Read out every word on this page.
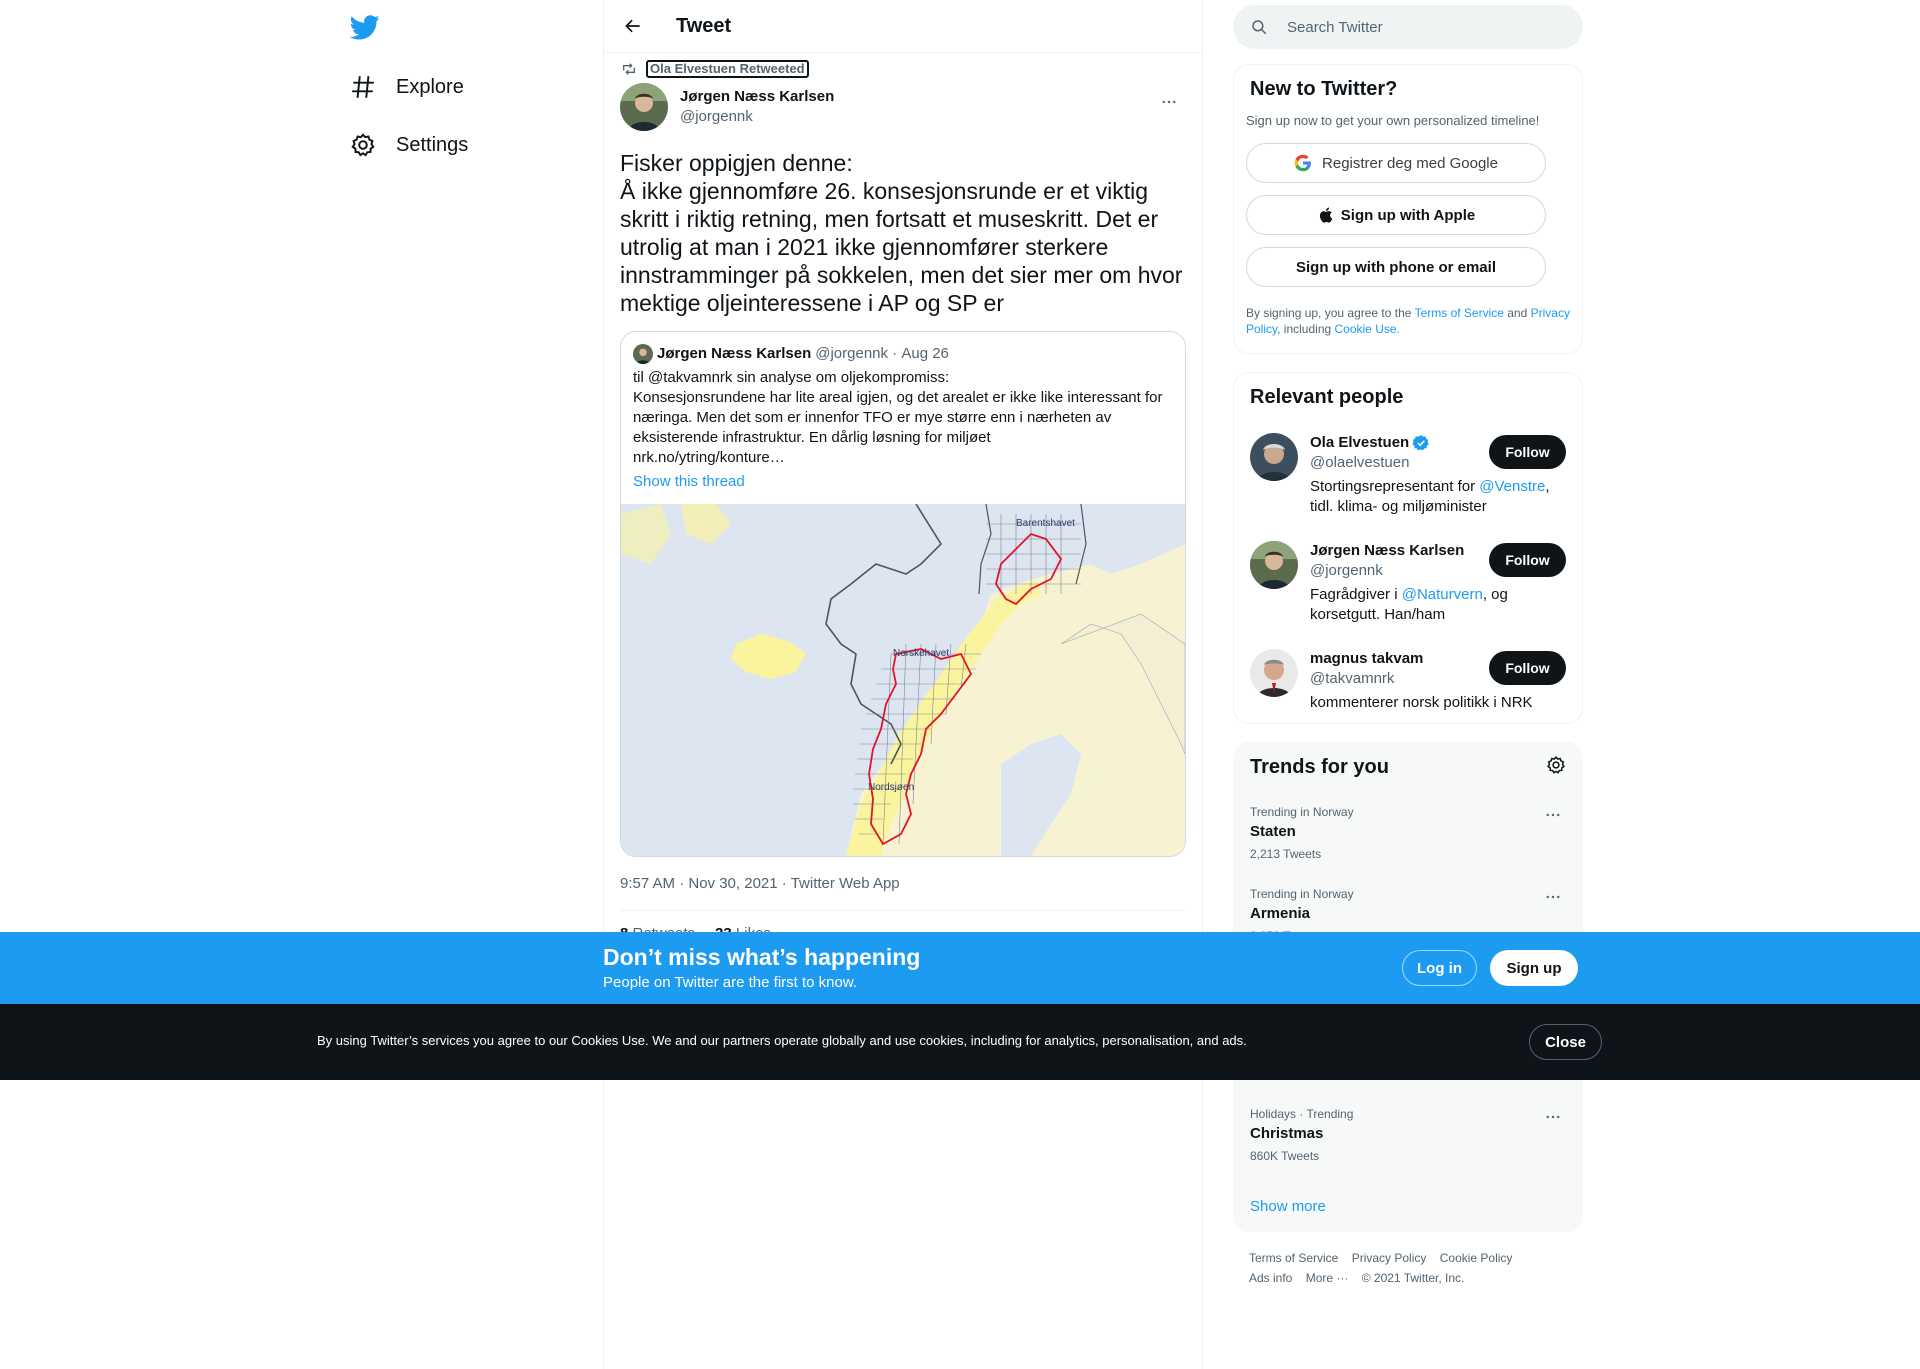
Explore
Settings
Tweet
Ola Elvestuen Retweeted
Jørgen Næss Karlsen
@jorgennk
Fisker oppigjen denne:
Å ikke gjennomføre 26. konsesjonsrunde er et viktig skritt i riktig retning, men fortsatt et museskritt. Det er utrolig at man i 2021 ikke gjennomfører sterkere innstramminger på sokkelen, men det sier mer om hvor mektige oljeinteressene i AP og SP er
Jørgen Næss Karlsen @jorgennk · Aug 26
til @takvamnrk sin analyse om oljekompromiss:
Konsesjonsrundene har lite areal igjen, og det arealet er ikke like interessant for næringa. Men det som er innenfor TFO er mye større enn i nærheten av eksisterende infrastruktur. En dårlig løsning for miljøet
nrk.no/ytring/konture…
Show this thread
Barentshavet
Norskehavet
Nordsjøen
9:57 AM · Nov 30, 2021 · Twitter Web App
Search Twitter
New to Twitter?
Sign up now to get your own personalized timeline!
Registrer deg med Google
Sign up with Apple
Sign up with phone or email
By signing up, you agree to the Terms of Service and Privacy Policy, including Cookie Use.
Relevant people
Ola Elvestuen
@olaelvestuen
Follow
Stortingsrepresentant for @Venstre, tidl. klima- og miljøminister
Jørgen Næss Karlsen
@jorgennk
Follow
Fagrådgiver i @Naturvern, og korsetgutt. Han/ham
magnus takvam
@takvamnrk
Follow
kommenterer norsk politikk i NRK
Trends for you
Trending in Norway
Staten
2,213 Tweets
Trending in Norway
Armenia
Holidays · Trending
Christmas
860K Tweets
Show more
Terms of Service Privacy Policy Cookie Policy
Ads info More ··· © 2021 Twitter, Inc.
Don’t miss what’s happening
People on Twitter are the first to know.
Log in	Sign up
By using Twitter’s services you agree to our Cookies Use. We and our partners operate globally and use cookies, including for analytics, personalisation, and ads.	Close
